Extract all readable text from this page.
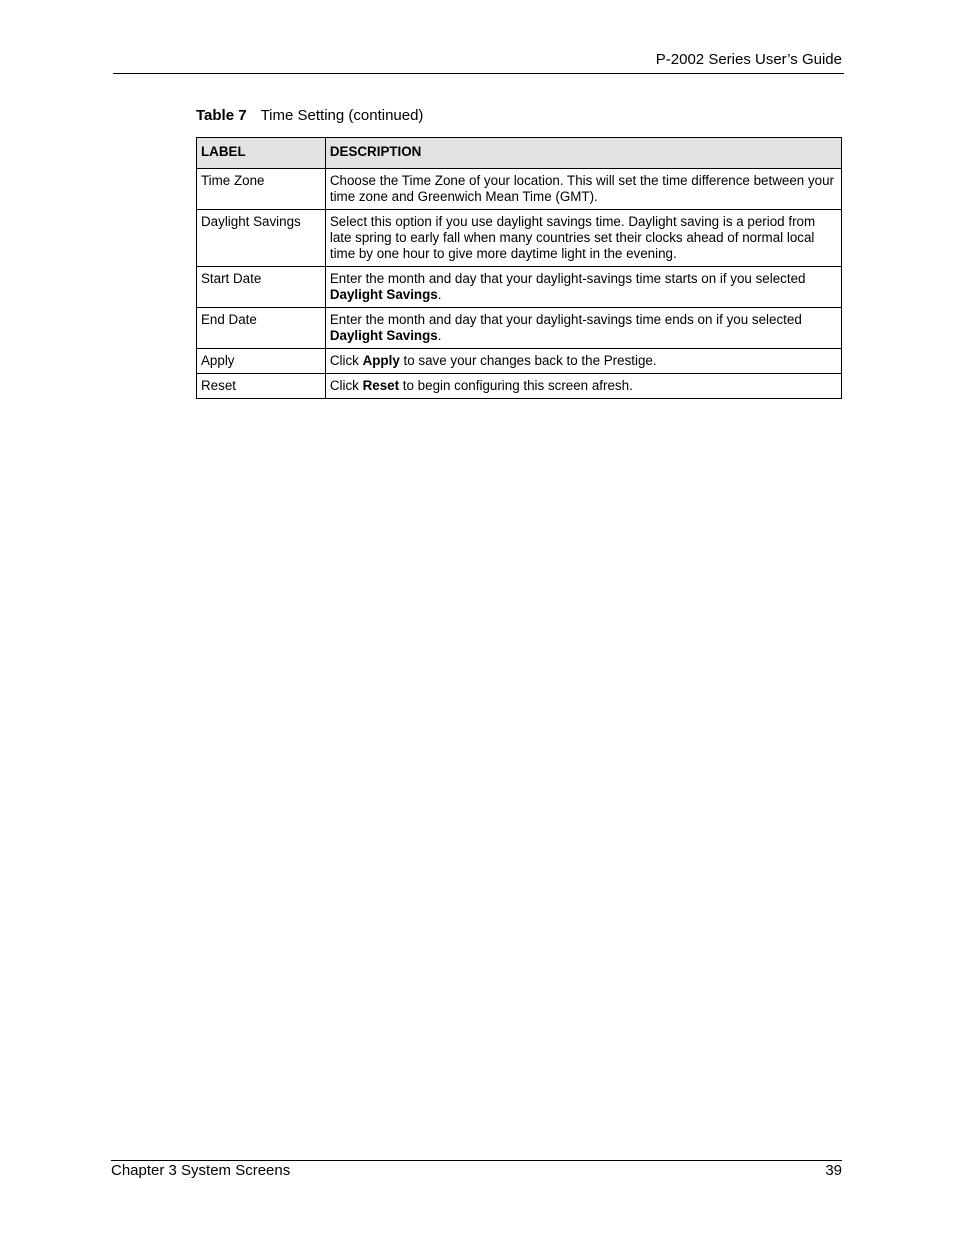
P-2002 Series User’s Guide
Table 7 Time Setting (continued)
LABEL	DESCRIPTION
Time Zone	Choose the Time Zone of your location. This will set the time difference between your time zone and Greenwich Mean Time (GMT).
Daylight Savings	Select this option if you use daylight savings time. Daylight saving is a period from late spring to early fall when many countries set their clocks ahead of normal local time by one hour to give more daytime light in the evening.
Start Date	Enter the month and day that your daylight-savings time starts on if you selected Daylight Savings.
End Date	Enter the month and day that your daylight-savings time ends on if you selected Daylight Savings.
Apply	Click Apply to save your changes back to the Prestige.
Reset	Click Reset to begin configuring this screen afresh.
Chapter 3 System Screens	39
